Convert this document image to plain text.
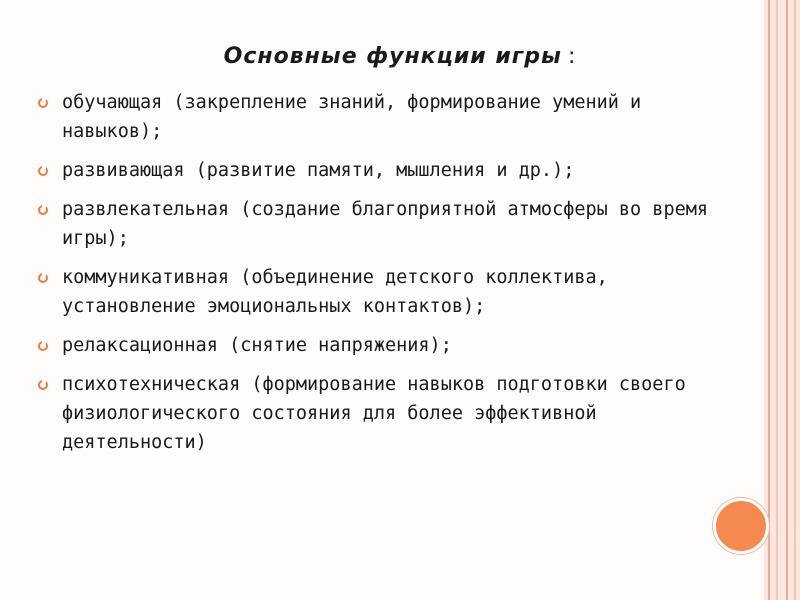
Основные функции игры :
обучающая (закрепление знаний, формирование умений и навыков);
развивающая (развитие памяти, мышления и др.);
развлекательная (создание благоприятной атмосферы во время игры);
коммуникативная (объединение детского коллектива, установление эмоциональных контактов);
релаксационная (снятие напряжения);
психотехническая (формирование навыков подготовки своего физиологического состояния для более эффективной деятельности)
